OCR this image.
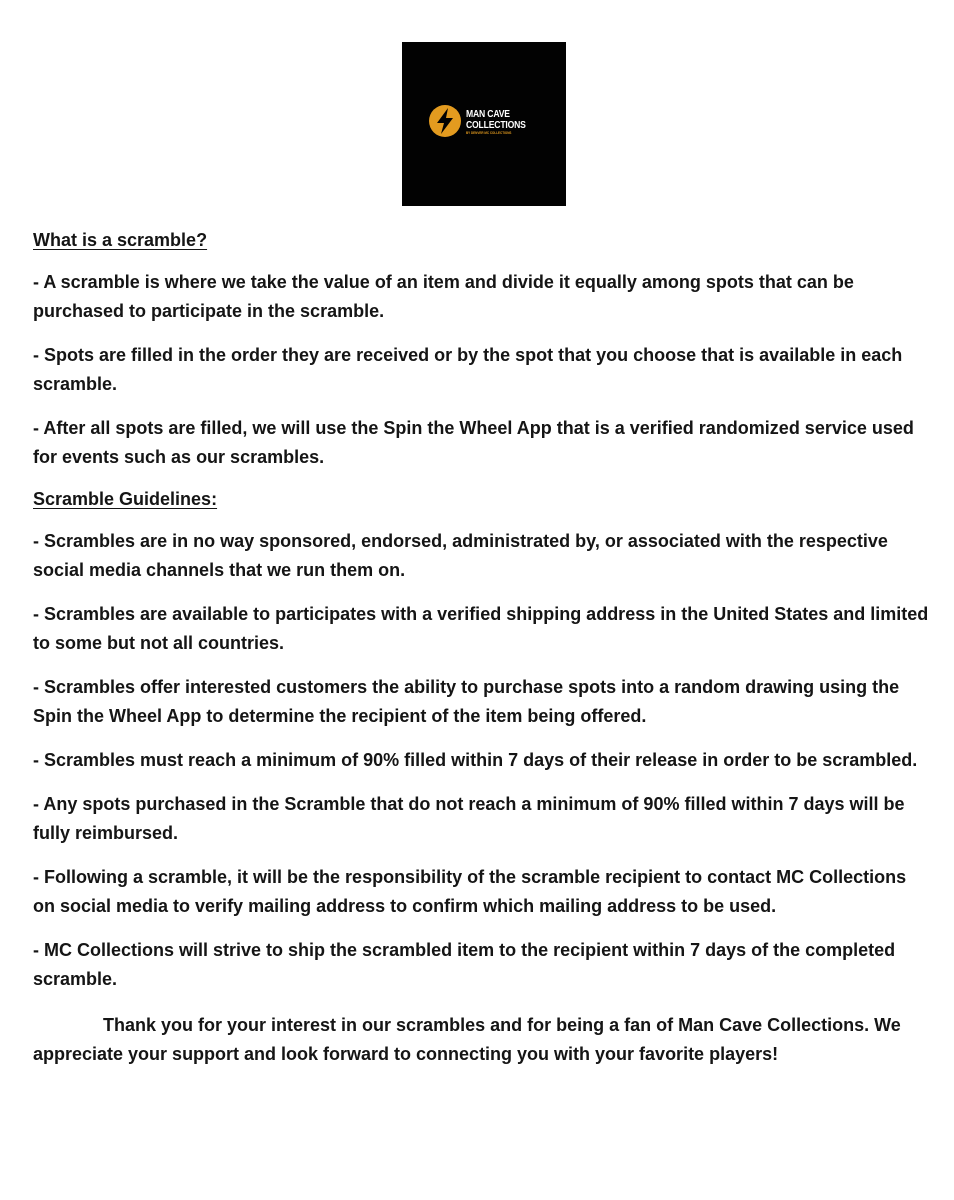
MAN CAVE
COLLECTIONS
BY DENVER MC COLLECTIONS

What is a scramble?

- A scramble is where we take the value of an item and divide it equally among spots that can be purchased to participate in the scramble.

- Spots are filled in the order they are received or by the spot that you choose that is available in each scramble.

- After all spots are filled, we will use the Spin the Wheel App that is a verified randomized service used for events such as our scrambles.

Scramble Guidelines:

- Scrambles are in no way sponsored, endorsed, administrated by, or associated with the respective social media channels that we run them on.

- Scrambles are available to participates with a verified shipping address in the United States and limited to some but not all countries.

- Scrambles offer interested customers the ability to purchase spots into a random drawing using the Spin the Wheel App to determine the recipient of the item being offered.

- Scrambles must reach a minimum of 90% filled within 7 days of their release in order to be scrambled.

- Any spots purchased in the Scramble that do not reach a minimum of 90% filled within 7 days will be fully reimbursed.

- Following a scramble, it will be the responsibility of the scramble recipient to contact MC Collections on social media to verify mailing address to confirm which mailing address to be used.

- MC Collections will strive to ship the scrambled item to the recipient within 7 days of the completed scramble.

Thank you for your interest in our scrambles and for being a fan of Man Cave Collections. We appreciate your support and look forward to connecting you with your favorite players!
